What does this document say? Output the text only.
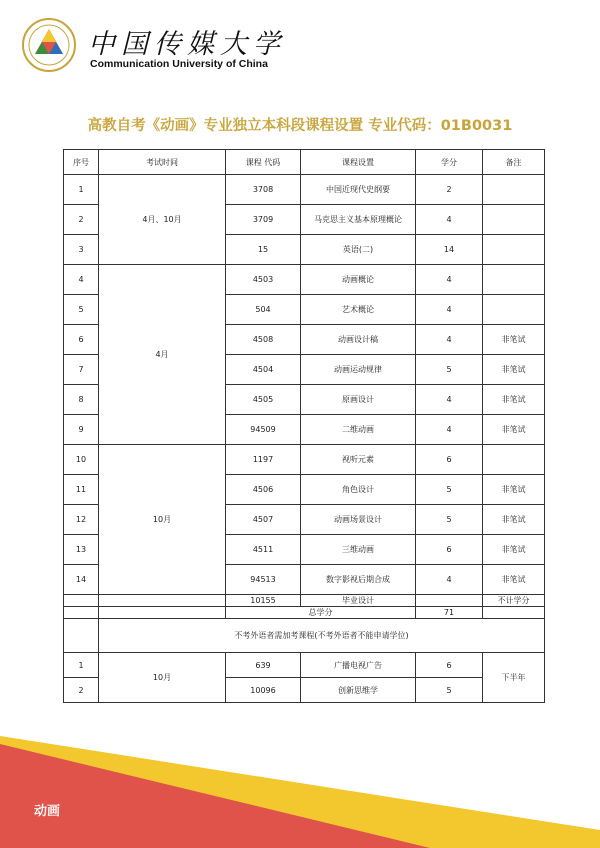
中国传媒大学
Communication University of China
高教自考《动画》专业独立本科段课程设置 专业代码：01B0031
序号	考试时间	课程 代码	课程设置	学分	备注
1	4月、10月	3708	中国近现代史纲要	2	
2		3709	马克思主义基本原理概论	4	
3		15	英语(二)	14	
4	4月	4503	动画概论	4	
5		504	艺术概论	4	
6		4508	动画设计稿	4	非笔试
7		4504	动画运动规律	5	非笔试
8		4505	原画设计	4	非笔试
9		94509	二维动画	4	非笔试
10	10月	1197	视听元素	6	
11		4506	角色设计	5	非笔试
12		4507	动画场景设计	5	非笔试
13		4511	三维动画	6	非笔试
14		94513	数字影视后期合成	4	非笔试
		10155	毕业设计		不计学分
		总学分		71	
	不考外语者需加考课程(不考外语者不能申请学位)				
1	10月	639	广播电视广告	6	下半年
2		10096	创新思维学	5	
动画
